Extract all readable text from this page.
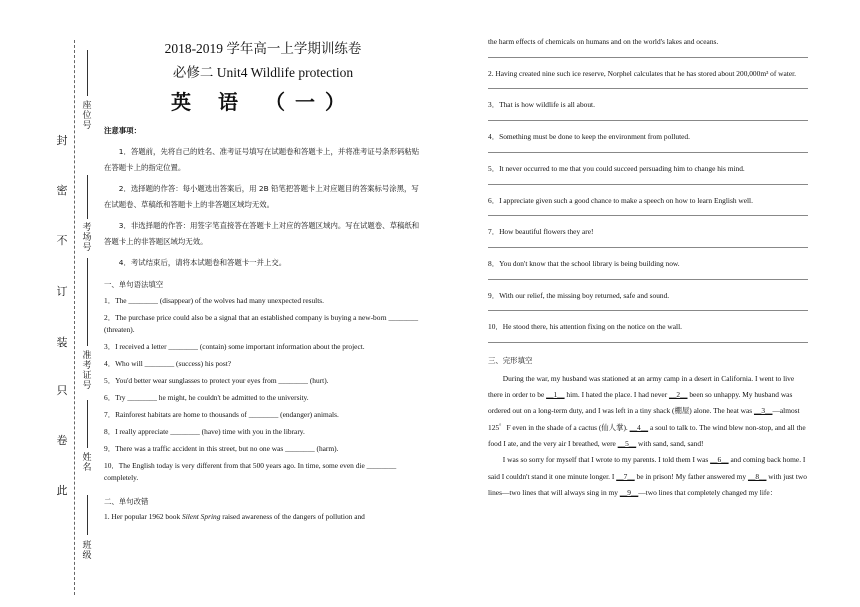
此
卷
只
装
订
不
密
封
班级
姓名
准考证号
考场号
座位号

2018-2019 学年高一上学期训练卷

必修二 Unit4 Wildlife protection

英 语 （一）

注意事项：

1．答题前，先将自己的姓名、准考证号填写在试题卷和答题卡上，并将准考证号条形码粘贴在答题卡上的指定位置。

2．选择题的作答：每小题选出答案后，用 2B 铅笔把答题卡上对应题目的答案标号涂黑，写在试题卷、草稿纸和答题卡上的非答题区域均无效。

3．非选择题的作答：用签字笔直接答在答题卡上对应的答题区域内。写在试题卷、草稿纸和答题卡上的非答题区域均无效。

4．考试结束后，请将本试题卷和答题卡一并上交。

一、单句语法填空
1．The ________ (disappear) of the wolves had many unexpected results.
2．The purchase price could also be a signal that an established company is buying a new-born ________ (threaten).
3．I received a letter ________ (contain) some important information about the project.
4．Who will ________ (success) his post?
5．You'd better wear sunglasses to protect your eyes from ________ (hurt).
6．Try ________ he might, he couldn't be admitted to the university.
7．Rainforest habitats are home to thousands of ________ (endanger) animals.
8．I really appreciate ________ (have) time with you in the library.
9．There was a traffic accident in this street, but no one was ________ (harm).
10．The English today is very different from that 500 years ago. In time, some even die ________ completely.
二、单句改错
1. Her popular 1962 book Silent Spring raised awareness of the dangers of pollution and
the harm effects of chemicals on humans and on the world's lakes and oceans.
2. Having created nine such ice reserve, Norphel calculates that he has stored about 200,000m³ of water.
3．That is how wildlife is all about.
4．Something must be done to keep the environment from polluted.
5．It never occurred to me that you could succeed persuading him to change his mind.
6．I appreciate given such a good chance to make a speech on how to learn English well.
7．How beautiful flowers they are!
8．You don't know that the school library is being building now.
9．With our relief, the missing boy returned, safe and sound.
10．He stood there, his attention fixing on the notice on the wall.
三、完形填空

During the war, my husband was stationed at an army camp in a desert in California. I went to live there in order to be __1__ him. I hated the place. I had never __2__ been so unhappy. My husband was ordered out on a long-term duty, and I was left in a tiny shack (棚屋) alone. The heat was __3__—almost 125゜F even in the shade of a cactus (仙人掌). __4__ a soul to talk to. The wind blew non-stop, and all the food I ate, and the very air I breathed, were __5__ with sand, sand, sand!

I was so sorry for myself that I wrote to my parents. I told them I was __6__ and coming back home. I said I couldn't stand it one minute longer. I __7__ be in prison! My father answered my __8__ with just two lines—two lines that will always sing in my __9__—two lines that completely changed my life：
